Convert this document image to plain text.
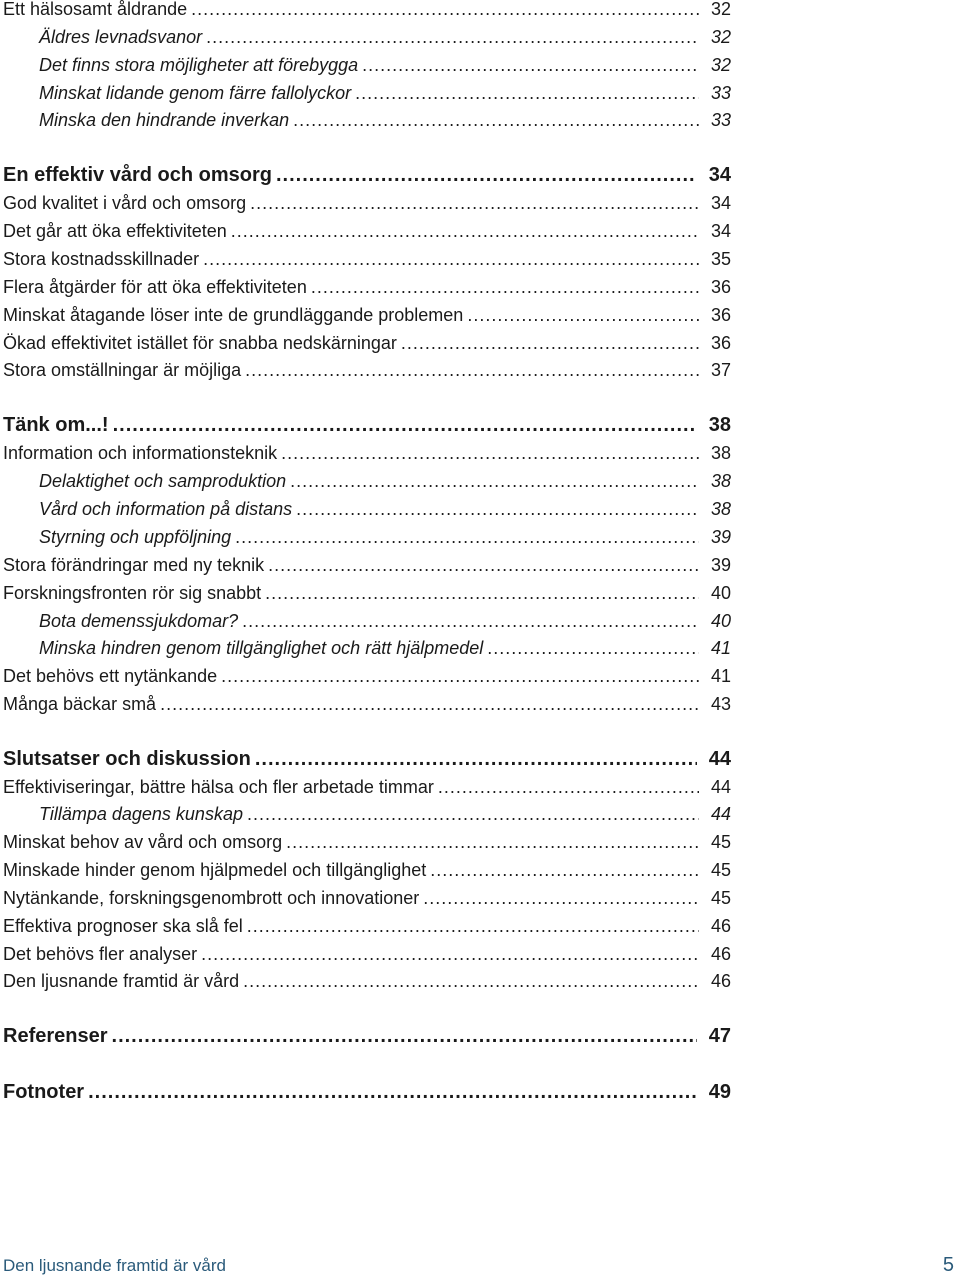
Ett hälsosamt åldrande .....	32
Äldres levnadsvanor .....	32
Det finns stora möjligheter att förebygga .....	32
Minskat lidande genom färre fallolyckor .....	33
Minska den hindrande inverkan .....	33
En effektiv vård och omsorg .....	34
God kvalitet i vård och omsorg .....	34
Det går att öka effektiviteten .....	34
Stora kostnadsskillnader .....	35
Flera åtgärder för att öka effektiviteten .....	36
Minskat åtagande löser inte de grundläggande problemen .....	36
Ökad effektivitet istället för snabba nedskärningar .....	36
Stora omställningar är möjliga .....	37
Tänk om...! .....	38
Information och informationsteknik .....	38
Delaktighet och samproduktion .....	38
Vård och information på distans .....	38
Styrning och uppföljning .....	39
Stora förändringar med ny teknik .....	39
Forskningsfronten rör sig snabbt .....	40
Bota demenssjukdomar? .....	40
Minska hindren genom tillgänglighet och rätt hjälpmedel .....	41
Det behövs ett nytänkande .....	41
Många bäckar små .....	43
Slutsatser och diskussion .....	44
Effektiviseringar, bättre hälsa och fler arbetade timmar .....	44
Tillämpa dagens kunskap .....	44
Minskat behov av vård och omsorg .....	45
Minskade hinder genom hjälpmedel och tillgänglighet .....	45
Nytänkande, forskningsgenombrott och innovationer .....	45
Effektiva prognoser ska slå fel .....	46
Det behövs fler analyser .....	46
Den ljusnande framtid är vård .....	46
Referenser .....	47
Fotnoter .....	49
Den ljusnande framtid är vård	5
